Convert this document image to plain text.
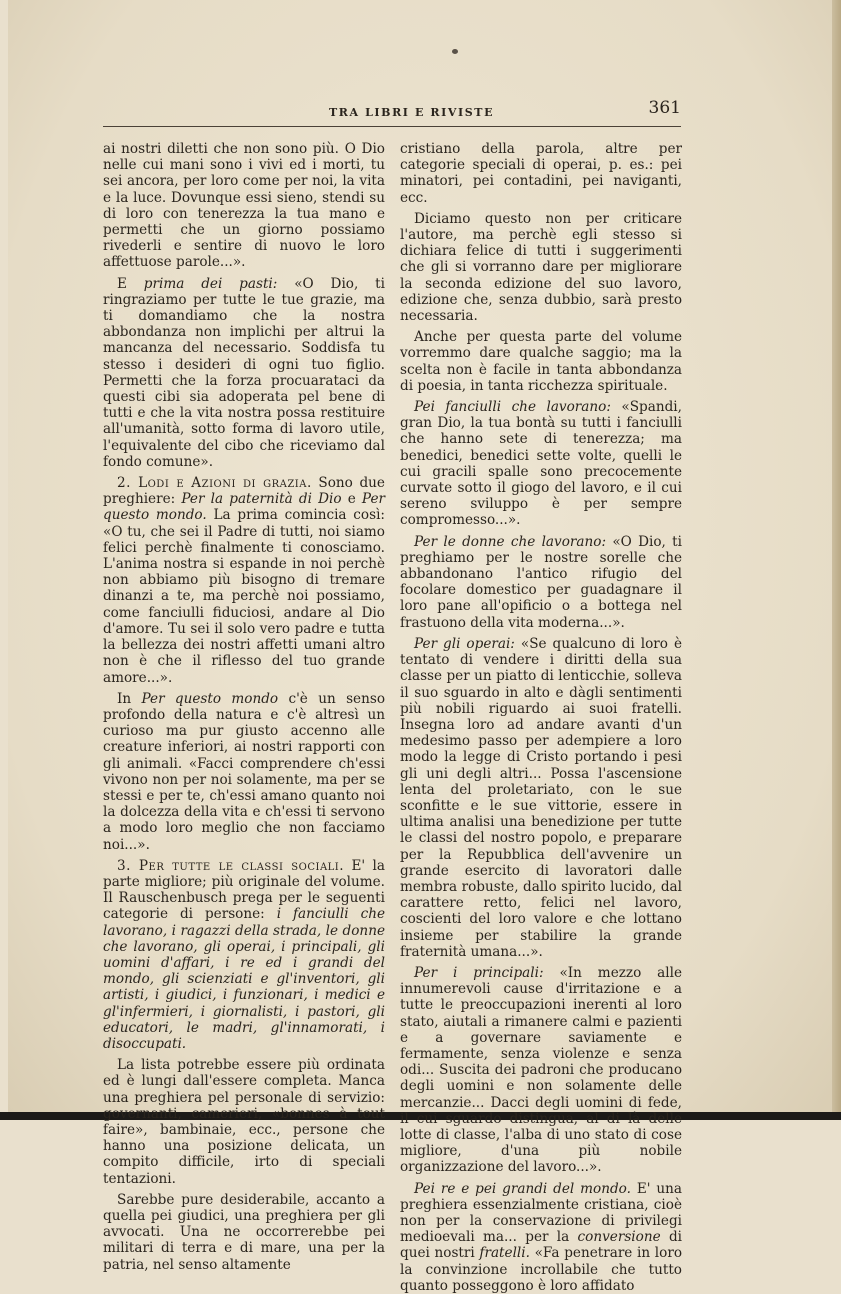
TRA LIBRI E RIVISTE	361

ai nostri diletti che non sono più. O Dio nelle cui mani sono i vivi ed i morti, tu sei ancora, per loro come per noi, la vita e la luce. Dovunque essi sieno, stendi su di loro con tenerezza la tua mano e permetti che un giorno possiamo rivederli e sentire di nuovo le loro affettuose parole...».

E prima dei pasti: «O Dio, ti ringraziamo per tutte le tue grazie, ma ti domandiamo che la nostra abbondanza non implichi per altrui la mancanza del necessario. Soddisfa tu stesso i desideri di ogni tuo figlio. Permetti che la forza procuarataci da questi cibi sia adoperata pel bene di tutti e che la vita nostra possa restituire all'umanità, sotto forma di lavoro utile, l'equivalente del cibo che riceviamo dal fondo comune».

2. Lodi e Azioni di grazia. Sono due preghiere: Per la paternità di Dio e Per questo mondo. La prima comincia così: «O tu, che sei il Padre di tutti, noi siamo felici perchè finalmente ti conosciamo. L'anima nostra si espande in noi perchè non abbiamo più bisogno di tremare dinanzi a te, ma perchè noi possiamo, come fanciulli fiduciosi, andare al Dio d'amore. Tu sei il solo vero padre e tutta la bellezza dei nostri affetti umani altro non è che il riflesso del tuo grande amore...».

In Per questo mondo c'è un senso profondo della natura e c'è altresì un curioso ma pur giusto accenno alle creature inferiori, ai nostri rapporti con gli animali. «Facci comprendere ch'essi vivono non per noi solamente, ma per se stessi e per te, ch'essi amano quanto noi la dolcezza della vita e ch'essi ti servono a modo loro meglio che non facciamo noi...».

3. Per tutte le classi sociali. E' la parte migliore; più originale del volume. Il Rauschenbusch prega per le seguenti categorie di persone: i fanciulli che lavorano, i ragazzi della strada, le donne che lavorano, gli operai, i principali, gli uomini d'affari, i re ed i grandi del mondo, gli scienziati e gl'inventori, gli artisti, i giudici, i funzionari, i medici e gl'infermieri, i giornalisti, i pastori, gli educatori, le madri, gl'innamorati, i disoccupati.

La lista potrebbe essere più ordinata ed è lungi dall'essere completa. Manca una preghiera pel personale di servizio: governanti, camerieri, «bonnes à tout faire», bambinaie, ecc., persone che hanno una posizione delicata, un compito difficile, irto di speciali tentazioni.

Sarebbe pure desiderabile, accanto a quella pei giudici, una preghiera per gli avvocati. Una ne occorrerebbe pei militari di terra e di mare, una per la patria, nel senso altamente

cristiano della parola, altre per categorie speciali di operai, p. es.: pei minatori, pei contadini, pei naviganti, ecc.

Diciamo questo non per criticare l'autore, ma perchè egli stesso si dichiara felice di tutti i suggerimenti che gli si vorranno dare per migliorare la seconda edizione del suo lavoro, edizione che, senza dubbio, sarà presto necessaria.

Anche per questa parte del volume vorremmo dare qualche saggio; ma la scelta non è facile in tanta abbondanza di poesia, in tanta ricchezza spirituale.

Pei fanciulli che lavorano: «Spandi, gran Dio, la tua bontà su tutti i fanciulli che hanno sete di tenerezza; ma benedici, benedici sette volte, quelli le cui gracili spalle sono precocemente curvate sotto il giogo del lavoro, e il cui sereno sviluppo è per sempre compromesso...».

Per le donne che lavorano: «O Dio, ti preghiamo per le nostre sorelle che abbandonano l'antico rifugio del focolare domestico per guadagnare il loro pane all'opificio o a bottega nel frastuono della vita moderna...».

Per gli operai: «Se qualcuno di loro è tentato di vendere i diritti della sua classe per un piatto di lenticchie, solleva il suo sguardo in alto e dàgli sentimenti più nobili riguardo ai suoi fratelli. Insegna loro ad andare avanti d'un medesimo passo per adempiere a loro modo la legge di Cristo portando i pesi gli uni degli altri... Possa l'ascensione lenta del proletariato, con le sue sconfitte e le sue vittorie, essere in ultima analisi una benedizione per tutte le classi del nostro popolo, e preparare per la Repubblica dell'avvenire un grande esercito di lavoratori dalle membra robuste, dallo spirito lucido, dal carattere retto, felici nel lavoro, coscienti del loro valore e che lottano insieme per stabilire la grande fraternità umana...».

Per i principali: «In mezzo alle innumerevoli cause d'irritazione e a tutte le preoccupazioni inerenti al loro stato, aiutali a rimanere calmi e pazienti e a governare saviamente e fermamente, senza violenze e senza odi... Suscita dei padroni che producano degli uomini e non solamente delle mercanzie... Dacci degli uomini di fede, il cui sguardo distingua, al di là delle lotte di classe, l'alba di uno stato di cose migliore, d'una più nobile organizzazione del lavoro...».

Pei re e pei grandi del mondo. E' una preghiera essenzialmente cristiana, cioè non per la conservazione di privilegi medioevali ma... per la conversione di quei nostri fratelli. «Fa penetrare in loro la convinzione incrollabile che tutto quanto posseggono è loro affidato
